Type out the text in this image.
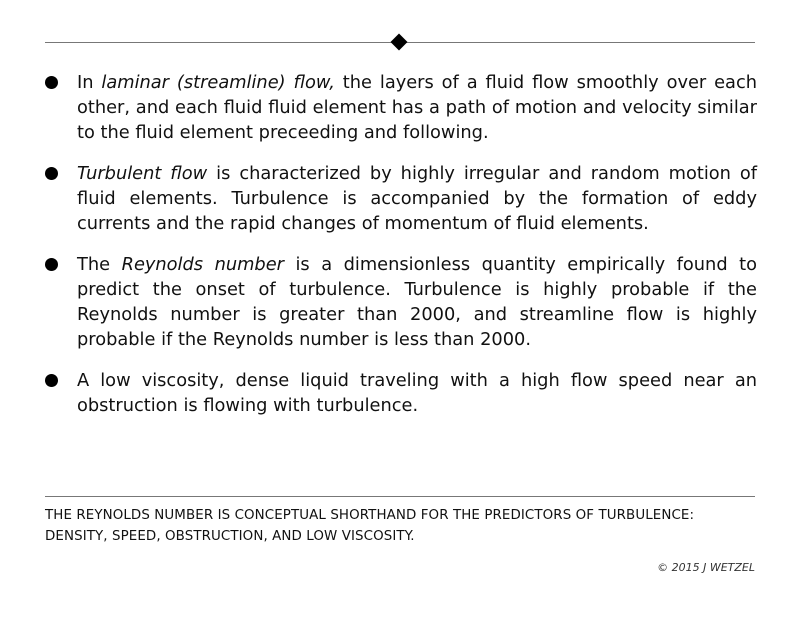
In laminar (streamline) flow, the layers of a fluid flow smoothly over each other, and each fluid fluid element has a path of motion and velocity similar to the fluid element preceeding and following.
Turbulent flow is characterized by highly irregular and random motion of fluid elements. Turbulence is accompanied by the formation of eddy currents and the rapid changes of momentum of fluid elements.
The Reynolds number is a dimensionless quantity empirically found to predict the onset of turbulence. Turbulence is highly probable if the Reynolds number is greater than 2000, and streamline flow is highly probable if the Reynolds number is less than 2000.
A low viscosity, dense liquid traveling with a high flow speed near an obstruction is flowing with turbulence.
THE REYNOLDS NUMBER IS CONCEPTUAL SHORTHAND FOR THE PREDICTORS OF TURBULENCE: DENSITY, SPEED, OBSTRUCTION, AND LOW VISCOSITY.
© 2015 J WETZEL
